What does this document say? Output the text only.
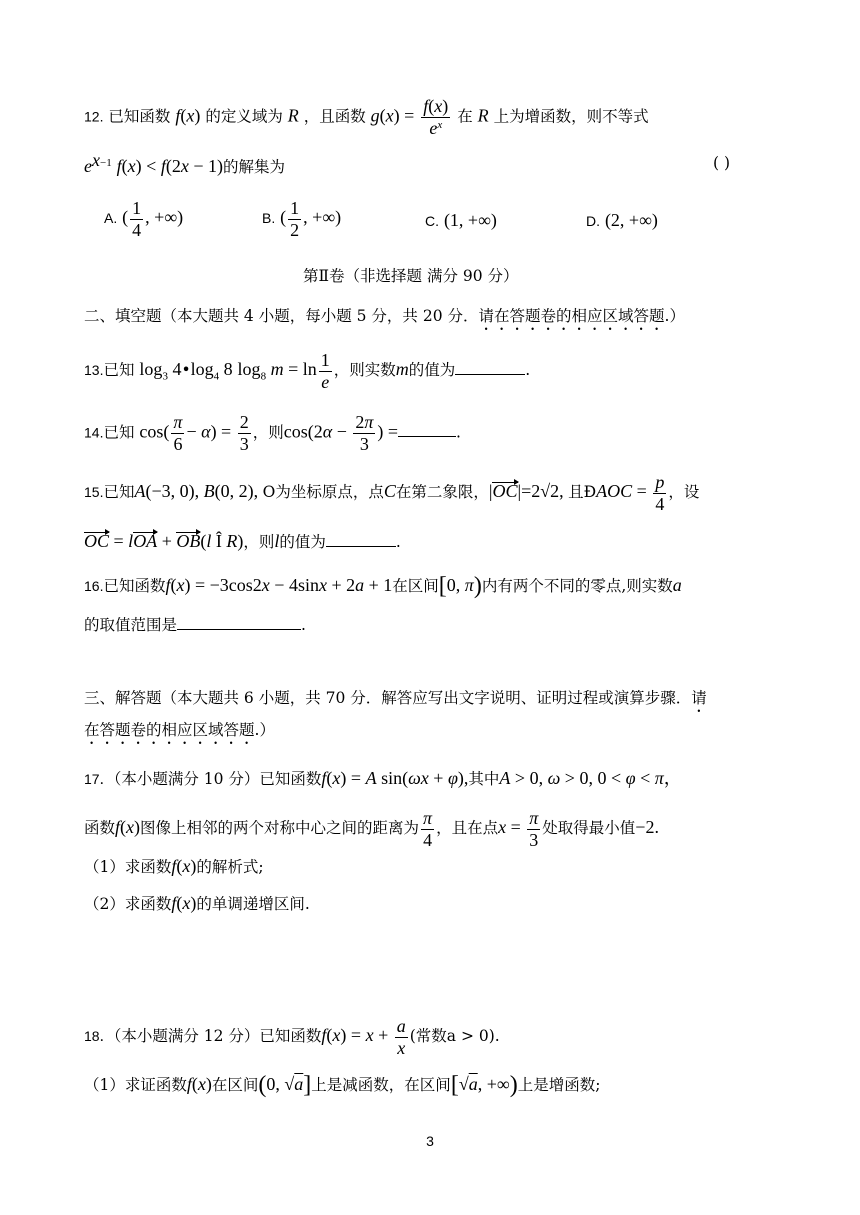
12. 已知函数 f(x) 的定义域为 R ，且函数 $g(x) = \frac{f(x)}{e^x}$ 在 R 上为增函数，则不等式
$e^{x-1}$ f(x) < f(2x − 1)的解集为	( )
A. ( $\frac{1}{4}$ , +∞)	B. ( $\frac{1}{2}$ , +∞)	C. (1, +∞)	D. (2, +∞)
第Ⅱ卷（非选择题 满分 90 分）
二、填空题（本大题共 4 小题，每小题 5 分，共 20 分．请在答题卷的相应区域答题.）
13.已知 $\log_3$ $4•\log_4$ 8 $\log_8 m = \ln \frac{1}{e}$ ，则实数m的值为	.
14.已知 $\cos( \frac{\pi}{6} - \alpha) = \frac{2}{3}$ ，则$\cos(2\alpha - \frac{2\pi}{3}$ ) =	.
15.已知A(−3, 0), B(0, 2), O为坐标原点，点C在第二象限，|OC|=2√2, 且ÐAOC = $\frac{p}{4}$ ，设
OC = lOA + OB(l Î R)，则l的值为	.
16.已知函数f(x) = −3cos2x − 4sinx + 2a + 1在区间[0, π)内有两个不同的零点,则实数a
的取值范围是	.
三、解答题（本大题共 6 小题，共 70 分．解答应写出文字说明、证明过程或演算步骤．请
在答题卷的相应区域答题.）
17．（本小题满分 10 分）已知函数f(x) = A sin(ωx + φ),其中A > 0, ω > 0, 0 < φ < π，
函数f(x)图像上相邻的两个对称中心之间的距离为 $\frac{\pi}{4}$ ，且在点$x = \frac{\pi}{3}$ 处取得最小值−2.
（1）求函数f(x)的解析式;
（2）求函数f(x)的单调递增区间.
18．（本小题满分 12 分）已知函数$f(x) = x + \frac{a}{x}$ (常数a > 0).
（1）求证函数f(x)在区间(0, √a]上是减函数，在区间[√a, +∞)上是增函数;
3
